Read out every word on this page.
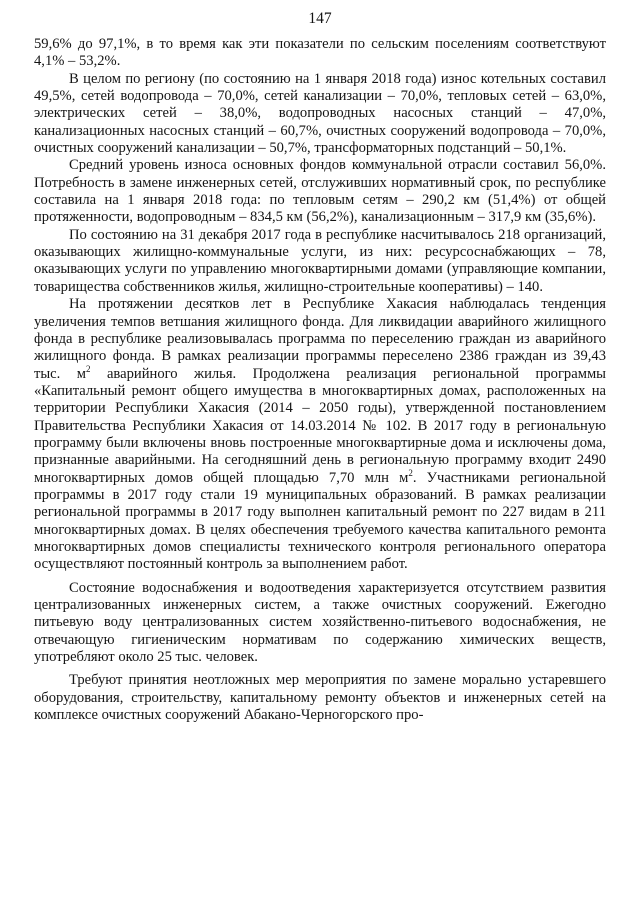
147

59,6% до 97,1%, в то время как эти показатели по сельским поселениям соответствуют 4,1% – 53,2%.

В целом по региону (по состоянию на 1 января 2018 года) износ котельных составил 49,5%, сетей водопровода – 70,0%, сетей канализации – 70,0%, тепловых сетей – 63,0%, электрических сетей – 38,0%, водопроводных насосных станций – 47,0%, канализационных насосных станций – 60,7%, очистных сооружений водопровода – 70,0%, очистных сооружений канализации – 50,7%, трансформаторных подстанций – 50,1%.

Средний уровень износа основных фондов коммунальной отрасли составил 56,0%. Потребность в замене инженерных сетей, отслуживших нормативный срок, по республике составила на 1 января 2018 года: по тепловым сетям – 290,2 км (51,4%) от общей протяженности, водопроводным – 834,5 км (56,2%), канализационным – 317,9 км (35,6%).

По состоянию на 31 декабря 2017 года в республике насчитывалось 218 организаций, оказывающих жилищно-коммунальные услуги, из них: ресурсоснабжающих – 78, оказывающих услуги по управлению многоквартирными домами (управляющие компании, товарищества собственников жилья, жилищно-строительные кооперативы) – 140.

На протяжении десятков лет в Республике Хакасия наблюдалась тенденция увеличения темпов ветшания жилищного фонда. Для ликвидации аварийного жилищного фонда в республике реализовывалась программа по переселению граждан из аварийного жилищного фонда. В рамках реализации программы переселено 2386 граждан из 39,43 тыс. $м^2$ аварийного жилья. Продолжена реализация региональной программы «Капитальный ремонт общего имущества в многоквартирных домах, расположенных на территории Республики Хакасия (2014 – 2050 годы), утвержденной постановлением Правительства Республики Хакасия от 14.03.2014 № 102. В 2017 году в региональную программу были включены вновь построенные многоквартирные дома и исключены дома, признанные аварийными. На сегодняшний день в региональную программу входит 2490 многоквартирных домов общей площадью 7,70 млн $м^2$. Участниками региональной программы в 2017 году стали 19 муниципальных образований. В рамках реализации региональной программы в 2017 году выполнен капитальный ремонт по 227 видам в 211 многоквартирных домах. В целях обеспечения требуемого качества капитального ремонта многоквартирных домов специалисты технического контроля регионального оператора осуществляют постоянный контроль за выполнением работ.

Состояние водоснабжения и водоотведения характеризуется отсутствием развития централизованных инженерных систем, а также очистных сооружений. Ежегодно питьевую воду централизованных систем хозяйственно-питьевого водоснабжения, не отвечающую гигиеническим нормативам по содержанию химических веществ, употребляют около 25 тыс. человек.

Требуют принятия неотложных мер мероприятия по замене морально устаревшего оборудования, строительству, капитальному ремонту объектов и инженерных сетей на комплексе очистных сооружений Абакано-Черногорского про-
